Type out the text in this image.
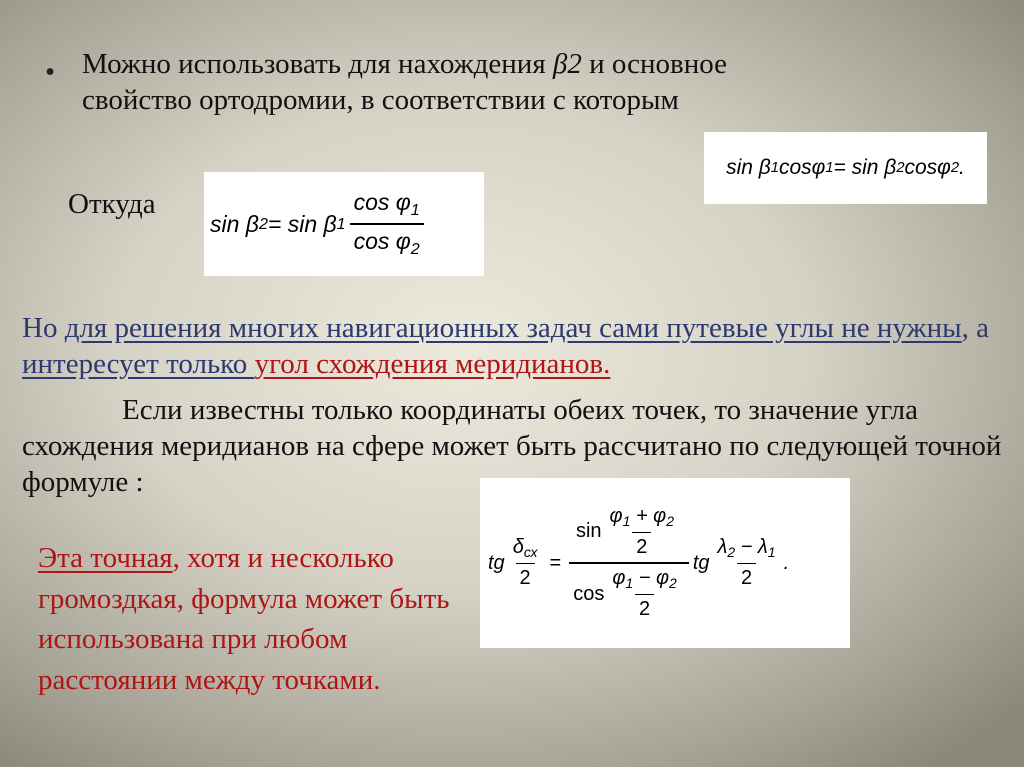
• Можно использовать для нахождения β2 и основное
свойство ортодромии, в соответствии с которым
sin β 1 cosφ 1 = sin β 2 cosφ 2 .
Откуда
sin β 2 = sin β $1 \frac{\cos \varphi_1}{\cos \varphi_2}$
Но для решения многих навигационных задач сами путевые углы не нужны, а интересует только угол схождения меридианов.
Если известны только координаты обеих точек, то значение угла схождения меридианов на сфере может быть рассчитано по следующей точной формуле :
tg $\frac{\delta_{сх}}{2} = \frac{\sin \frac{\varphi_1 + \varphi_2}{2}}{\cos \frac{\varphi_1 - \varphi_2}{2}}$ tg $\frac{\lambda_2 - \lambda_1}{2}$ .
Эта точная, хотя и несколько громоздкая, формула может быть использована при любом расстоянии между точками.
